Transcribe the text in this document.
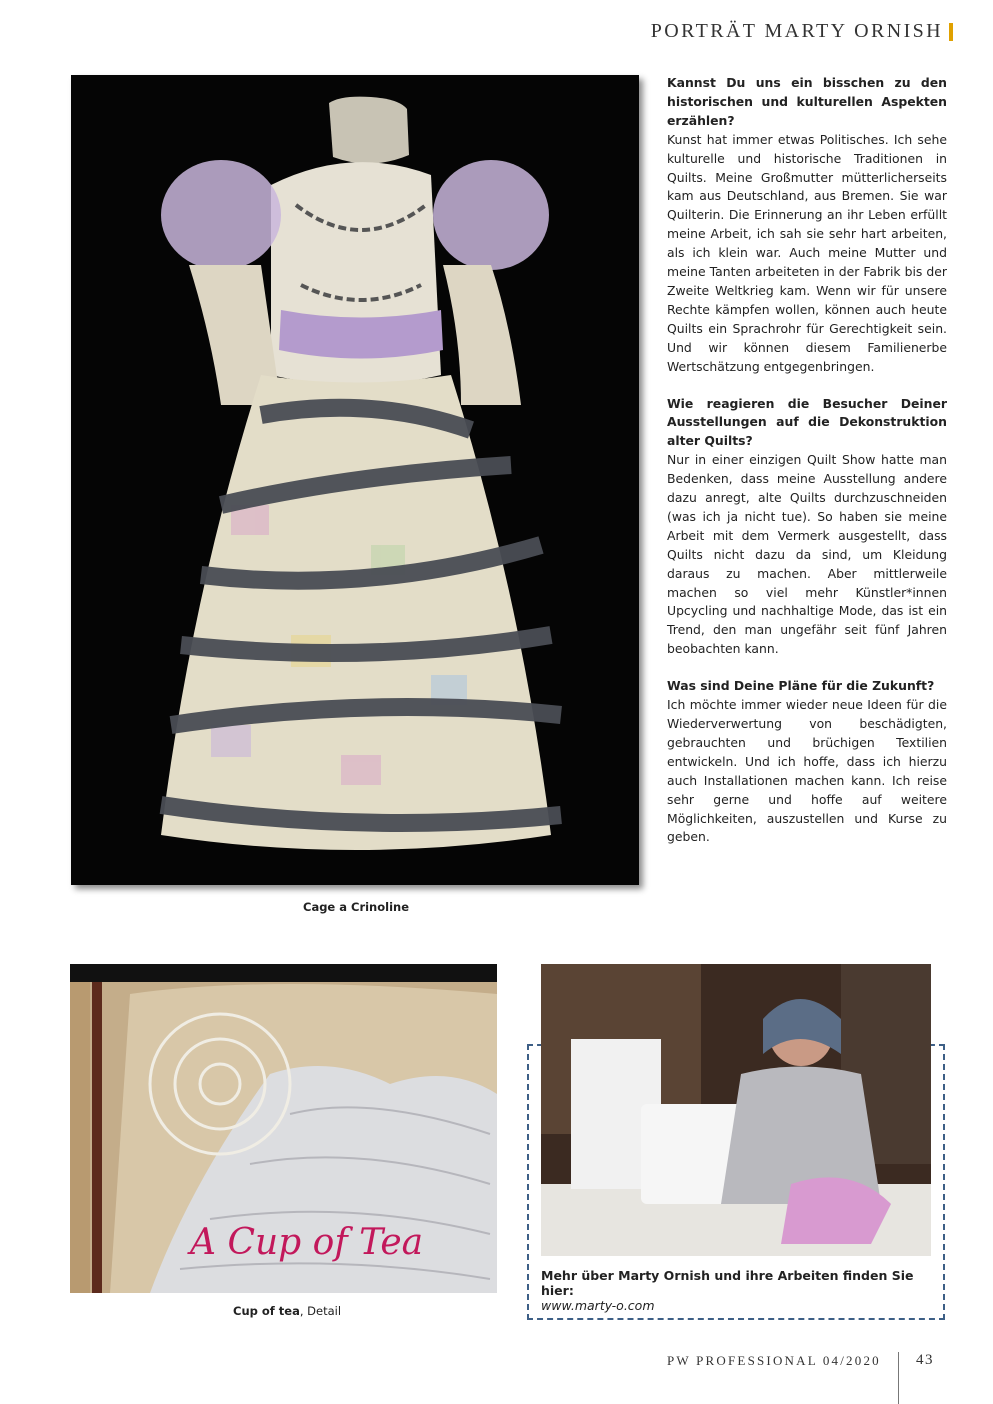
PORTRÄT MARTY ORNISH
Cage a Crinoline

Kannst Du uns ein bisschen zu den historischen und kulturellen Aspekten erzählen?

Kunst hat immer etwas Politisches. Ich sehe kulturelle und historische Traditionen in Quilts. Meine Großmutter mütterlicherseits kam aus Deutschland, aus Bremen. Sie war Quilterin. Die Erinnerung an ihr Leben erfüllt meine Arbeit, ich sah sie sehr hart arbeiten, als ich klein war. Auch meine Mutter und meine Tanten arbeiteten in der Fabrik bis der Zweite Weltkrieg kam. Wenn wir für unsere Rechte kämpfen wollen, können auch heute Quilts ein Sprachrohr für Gerechtigkeit sein. Und wir können diesem Familienerbe Wertschätzung entgegenbringen.

Wie reagieren die Besucher Deiner Ausstellungen auf die Dekonstruktion alter Quilts?

Nur in einer einzigen Quilt Show hatte man Bedenken, dass meine Ausstellung andere dazu anregt, alte Quilts durchzuschneiden (was ich ja nicht tue). So haben sie meine Arbeit mit dem Vermerk ausgestellt, dass Quilts nicht dazu da sind, um Kleidung daraus zu machen. Aber mittlerweile machen so viel mehr Künstler*innen Upcycling und nachhaltige Mode, das ist ein Trend, den man ungefähr seit fünf Jahren beobachten kann.

Was sind Deine Pläne für die Zukunft?

Ich möchte immer wieder neue Ideen für die Wiederverwertung von beschädigten, gebrauchten und brüchigen Textilien entwickeln. Und ich hoffe, dass ich hierzu auch Installationen machen kann. Ich reise sehr gerne und hoffe auf weitere Möglichkeiten, auszustellen und Kurse zu geben.

A Cup of Tea
Cup of tea, Detail
Mehr über Marty Ornish und ihre Arbeiten finden Sie hier:
www.marty-o.com
PW PROFESSIONAL 04/2020 43
